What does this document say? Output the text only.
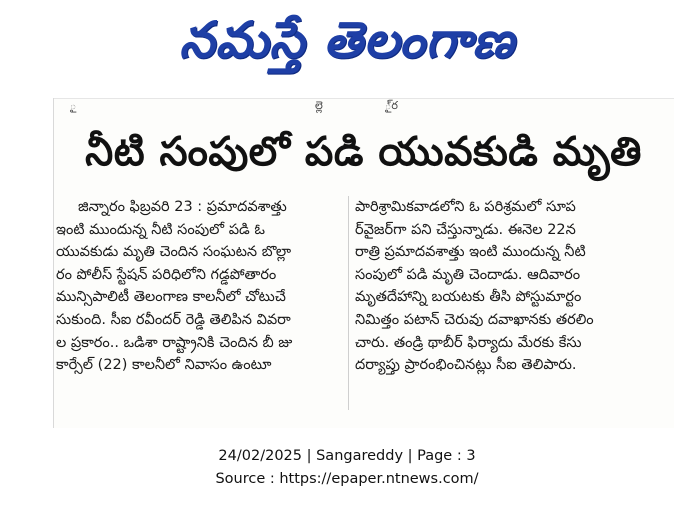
నమస్తే తెలంగాణ
ౖ	ల్లె	్ౖర
నీటి సంపులో పడి యువకుడి మృతి
జిన్నారం ఫిబ్రవరి 23 : ప్రమాదవశాత్తు
ఇంటి ముందున్న నీటి సంపులో పడి ఓ
యువకుడు మృతి చెందిన సంఘటన బొల్లా
రం పోలీస్ స్టేషన్ పరిధిలోని గడ్డపోతారం
మున్సిపాలిటీ తెలంగాణ కాలనీలో చోటుచే
సుకుంది. సీఐ రవీందర్ రెడ్డి తెలిపిన వివరా
ల ప్రకారం.. ఒడిశా రాష్ట్రానికి చెందిన బీ జు
కార్సేల్ (22) కాలనీలో నివాసం ఉంటూ
పారిశ్రామికవాడలోని ఓ పరిశ్రమలో సూప
ర్‌వైజర్‌గా పని చేస్తున్నాడు. ఈనెల 22న
రాత్రి ప్రమాదవశాత్తు ఇంటి ముందున్న నీటి
సంపులో పడి మృతి చెందాడు. ఆదివారం
మృతదేహాన్ని బయటకు తీసి పోస్టుమార్టం
నిమిత్తం పటాన్ చెరువు దవాఖానకు తరలిం
చారు. తండ్రి థాబీర్ ఫిర్యాదు మేరకు కేసు
దర్యాప్తు ప్రారంభించినట్లు సీఐ తెలిపారు.
24/02/2025 | Sangareddy | Page : 3
Source : https://epaper.ntnews.com/
